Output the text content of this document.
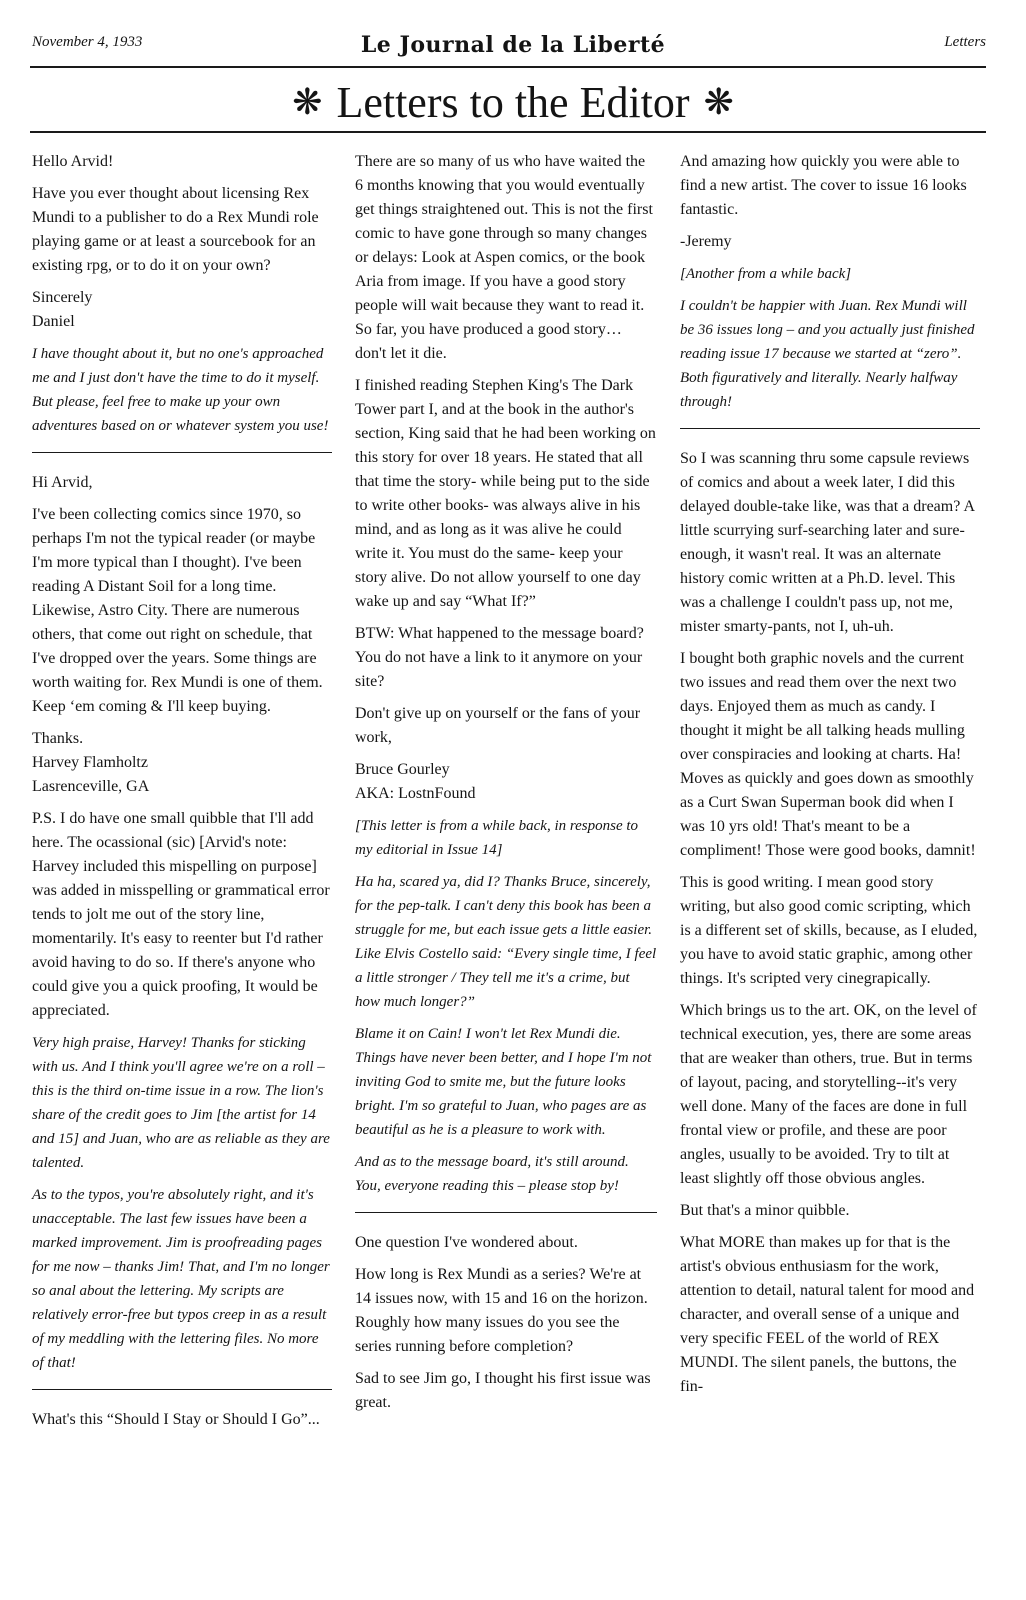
November 4, 1933	Le Journal de la Liberté	Letters
❋ Letters to the Editor ❋

Hello Arvid!

Have you ever thought about licensing Rex Mundi to a publisher to do a Rex Mundi role playing game or at least a sourcebook for an existing rpg, or to do it on your own?

Sincerely

Daniel

I have thought about it, but no one's approached me and I just don't have the time to do it myself. But please, feel free to make up your own adventures based on or whatever system you use!

Hi Arvid,

I've been collecting comics since 1970, so perhaps I'm not the typical reader (or maybe I'm more typical than I thought). I've been reading A Distant Soil for a long time. Likewise, Astro City. There are numerous others, that come out right on schedule, that I've dropped over the years. Some things are worth waiting for. Rex Mundi is one of them. Keep ‘em coming & I'll keep buying.

Thanks.

Harvey Flamholtz

Lasrenceville, GA

P.S. I do have one small quibble that I'll add here. The ocassional (sic) [Arvid's note: Harvey included this mispelling on purpose] was added in misspelling or grammatical error tends to jolt me out of the story line, momentarily. It's easy to reenter but I'd rather avoid having to do so. If there's anyone who could give you a quick proofing, It would be appreciated.

Very high praise, Harvey! Thanks for sticking with us. And I think you'll agree we're on a roll – this is the third on-time issue in a row. The lion's share of the credit goes to Jim [the artist for 14 and 15] and Juan, who are as reliable as they are talented.

As to the typos, you're absolutely right, and it's unacceptable. The last few issues have been a marked improvement. Jim is proofreading pages for me now – thanks Jim! That, and I'm no longer so anal about the lettering. My scripts are relatively error-free but typos creep in as a result of my meddling with the lettering files. No more of that!

What's this “Should I Stay or Should I Go”...

There are so many of us who have waited the 6 months knowing that you would eventually get things straightened out. This is not the first comic to have gone through so many changes or delays: Look at Aspen comics, or the book Aria from image. If you have a good story people will wait because they want to read it. So far, you have produced a good story… don't let it die.

I finished reading Stephen King's The Dark Tower part I, and at the book in the author's section, King said that he had been working on this story for over 18 years. He stated that all that time the story- while being put to the side to write other books- was always alive in his mind, and as long as it was alive he could write it. You must do the same- keep your story alive. Do not allow yourself to one day wake up and say “What If?”

BTW: What happened to the message board? You do not have a link to it anymore on your site?

Don't give up on yourself or the fans of your work,

Bruce Gourley

AKA: LostnFound

[This letter is from a while back, in response to my editorial in Issue 14]

Ha ha, scared ya, did I? Thanks Bruce, sincerely, for the pep-talk. I can't deny this book has been a struggle for me, but each issue gets a little easier. Like Elvis Costello said: “Every single time, I feel a little stronger / They tell me it's a crime, but how much longer?”

Blame it on Cain! I won't let Rex Mundi die. Things have never been better, and I hope I'm not inviting God to smite me, but the future looks bright. I'm so grateful to Juan, who pages are as beautiful as he is a pleasure to work with.

And as to the message board, it's still around. You, everyone reading this – please stop by!

One question I've wondered about.

How long is Rex Mundi as a series? We're at 14 issues now, with 15 and 16 on the horizon. Roughly how many issues do you see the series running before completion?

Sad to see Jim go, I thought his first issue was great.

And amazing how quickly you were able to find a new artist. The cover to issue 16 looks fantastic.

-Jeremy

[Another from a while back]

I couldn't be happier with Juan. Rex Mundi will be 36 issues long – and you actually just finished reading issue 17 because we started at “zero”. Both figuratively and literally. Nearly halfway through!

So I was scanning thru some capsule reviews of comics and about a week later, I did this delayed double-take like, was that a dream? A little scurrying surf-searching later and sure-enough, it wasn't real. It was an alternate history comic written at a Ph.D. level. This was a challenge I couldn't pass up, not me, mister smarty-pants, not I, uh-uh.

I bought both graphic novels and the current two issues and read them over the next two days. Enjoyed them as much as candy. I thought it might be all talking heads mulling over conspiracies and looking at charts. Ha! Moves as quickly and goes down as smoothly as a Curt Swan Superman book did when I was 10 yrs old! That's meant to be a compliment! Those were good books, damnit!

This is good writing. I mean good story writing, but also good comic scripting, which is a different set of skills, because, as I eluded, you have to avoid static graphic, among other things. It's scripted very cinegrapically.

Which brings us to the art. OK, on the level of technical execution, yes, there are some areas that are weaker than others, true. But in terms of layout, pacing, and storytelling--it's very well done. Many of the faces are done in full frontal view or profile, and these are poor angles, usually to be avoided. Try to tilt at least slightly off those obvious angles.

But that's a minor quibble.

What MORE than makes up for that is the artist's obvious enthusiasm for the work, attention to detail, natural talent for mood and character, and overall sense of a unique and very specific FEEL of the world of REX MUNDI. The silent panels, the buttons, the fin-
